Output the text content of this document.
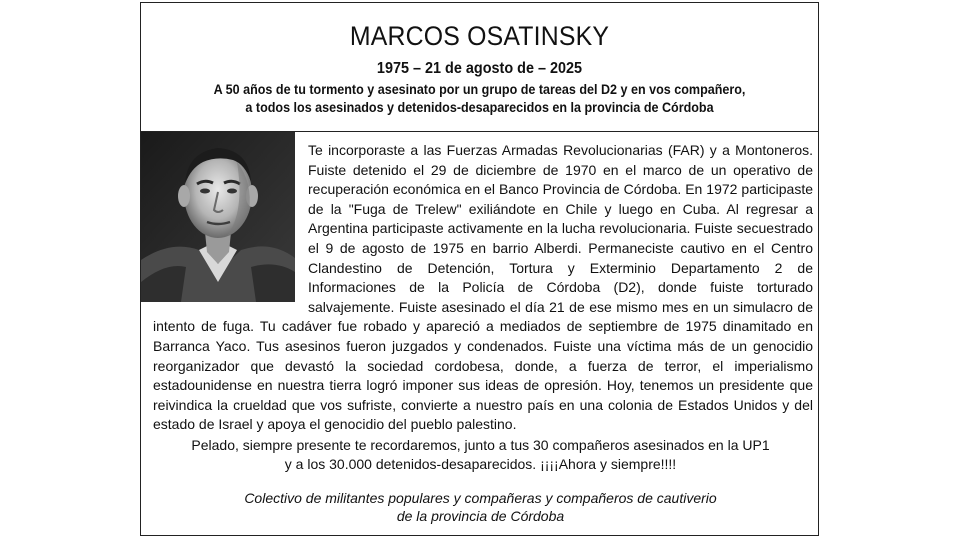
MARCOS OSATINSKY
1975 – 21 de agosto de – 2025
A 50 años de tu tormento y asesinato por un grupo de tareas del D2 y en vos compañero,
a todos los asesinados y detenidos-desaparecidos en la provincia de Córdoba

Te incorporaste a las Fuerzas Armadas Revolucionarias (FAR) y a Montoneros. Fuiste detenido el 29 de diciembre de 1970 en el marco de un operativo de recuperación económica en el Banco Provincia de Córdoba. En 1972 participaste de la "Fuga de Trelew" exiliándote en Chile y luego en Cuba. Al regresar a Argentina participaste activamente en la lucha revolucionaria. Fuiste secuestrado el 9 de agosto de 1975 en barrio Alberdi. Permaneciste cautivo en el Centro Clandestino de Detención, Tortura y Exterminio Departamento 2 de Informaciones de la Policía de Córdoba (D2), donde fuiste torturado salvajemente. Fuiste asesinado el día 21 de ese mismo mes en un simulacro de intento de fuga. Tu cadáver fue robado y apareció a mediados de septiembre de 1975 dinamitado en Barranca Yaco. Tus asesinos fueron juzgados y condenados. Fuiste una víctima más de un genocidio reorganizador que devastó la sociedad cordobesa, donde, a fuerza de terror, el imperialismo estadounidense en nuestra tierra logró imponer sus ideas de opresión. Hoy, tenemos un presidente que reivindica la crueldad que vos sufriste, convierte a nuestro país en una colonia de Estados Unidos y del estado de Israel y apoya el genocidio del pueblo palestino.

Pelado, siempre presente te recordaremos, junto a tus 30 compañeros asesinados en la UP1
y a los 30.000 detenidos-desaparecidos. ¡¡¡¡Ahora y siempre!!!!
Colectivo de militantes populares y compañeras y compañeros de cautiverio
de la provincia de Córdoba
